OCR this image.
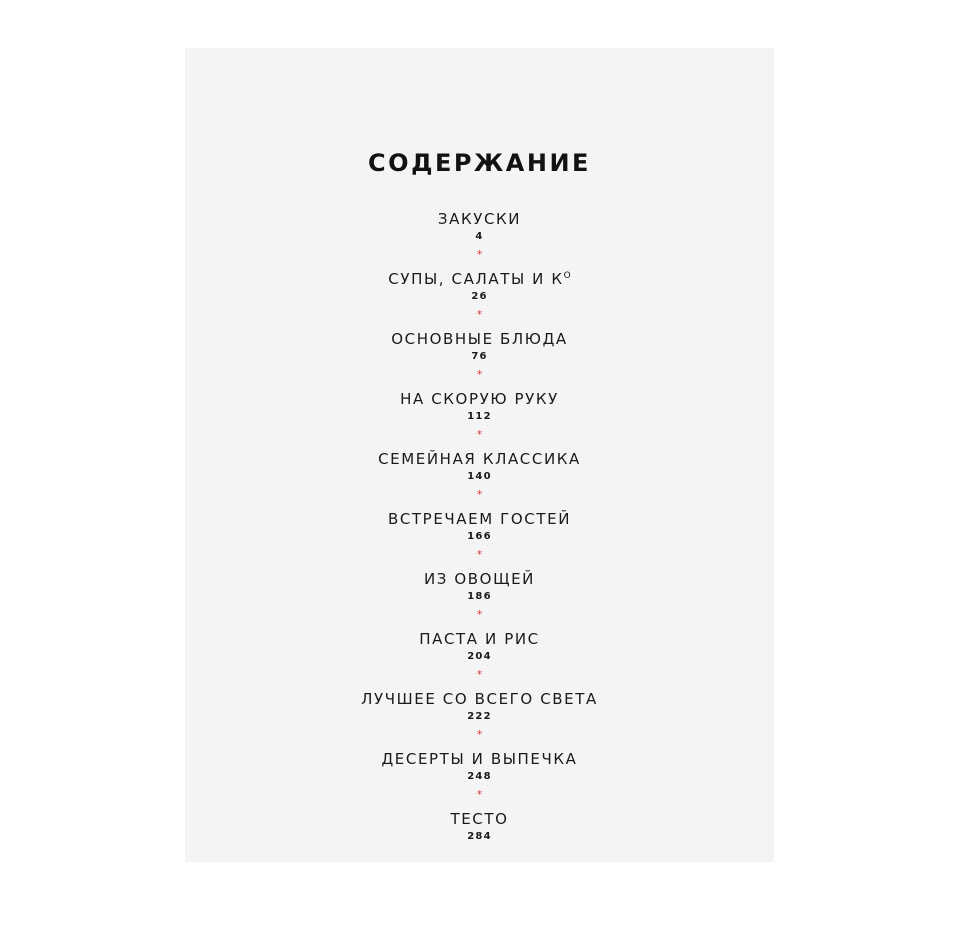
СОДЕРЖАНИЕ
ЗАКУСКИ
4
*
СУПЫ, САЛАТЫ И $К^О$
26
*
ОСНОВНЫЕ БЛЮДА
76
*
НА СКОРУЮ РУКУ
112
*
СЕМЕЙНАЯ КЛАССИКА
140
*
ВСТРЕЧАЕМ ГОСТЕЙ
166
*
ИЗ ОВОЩЕЙ
186
*
ПАСТА И РИС
204
*
ЛУЧШЕЕ СО ВСЕГО СВЕТА
222
*
ДЕСЕРТЫ И ВЫПЕЧКА
248
*
ТЕСТО
284
